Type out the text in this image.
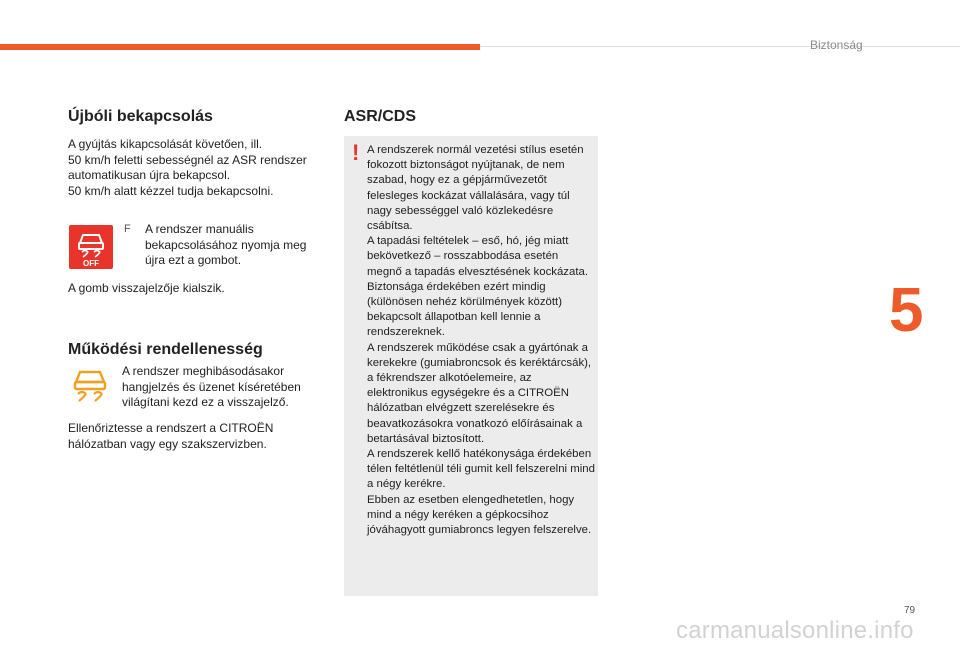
Biztonság
5
Újbóli bekapcsolás

A gyújtás kikapcsolását követően, ill.
50 km/h feletti sebességnél az ASR rendszer automatikusan újra bekapcsol.
50 km/h alatt kézzel tudja bekapcsolni.

OFF
F A rendszer manuális bekapcsolásához nyomja meg újra ezt a gombot.

A gomb visszajelzője kialszik.

Működési rendellenesség

A rendszer meghibásodásakor hangjelzés és üzenet kíséretében világítani kezd ez a visszajelző.

Ellenőriztesse a rendszert a CITROËN hálózatban vagy egy szakszervizben.

ASR/CDS
! A rendszerek normál vezetési stílus esetén fokozott biztonságot nyújtanak, de nem szabad, hogy ez a gépjárművezetőt felesleges kockázat vállalására, vagy túl nagy sebességgel való közlekedésre csábítsa.
A tapadási feltételek – eső, hó, jég miatt bekövetkező – rosszabbodása esetén megnő a tapadás elvesztésének kockázata. Biztonsága érdekében ezért mindig (különösen nehéz körülmények között) bekapcsolt állapotban kell lennie a rendszereknek.
A rendszerek működése csak a gyártónak a kerekekre (gumiabroncsok és keréktárcsák), a fékrendszer alkotóelemeire, az elektronikus egységekre és a CITROËN hálózatban elvégzett szerelésekre és beavatkozásokra vonatkozó előírásainak a betartásával biztosított.
A rendszerek kellő hatékonysága érdekében télen feltétlenül téli gumit kell felszerelni mind a négy kerékre.
Ebben az esetben elengedhetetlen, hogy mind a négy keréken a gépkocsihoz jóváhagyott gumiabroncs legyen felszerelve.

79
carmanualsonline.info
